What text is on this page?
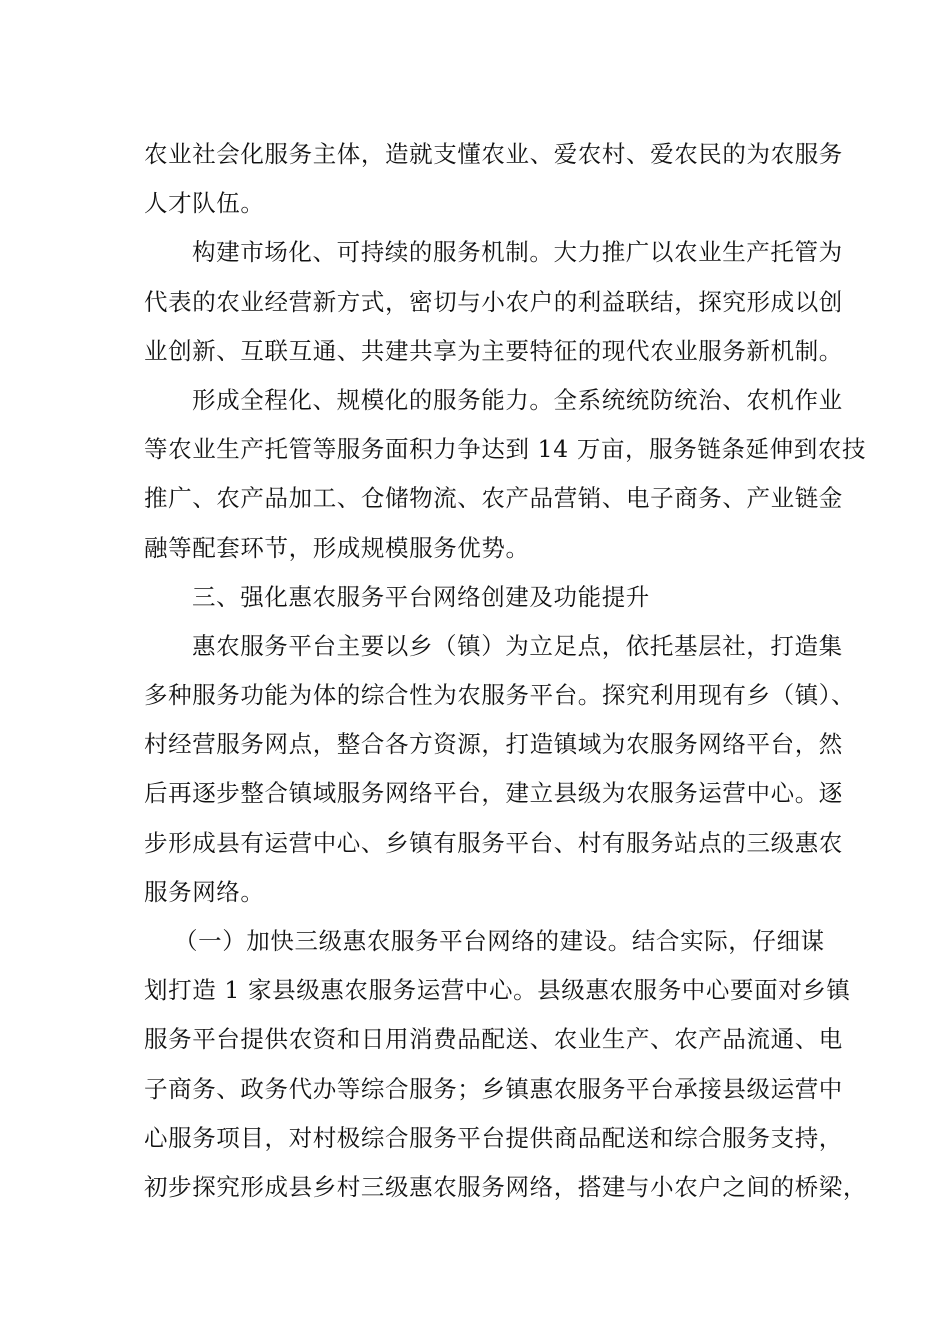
农业社会化服务主体，造就支懂农业、爱农村、爱农民的为农服务
人才队伍。
构建市场化、可持续的服务机制。大力推广以农业生产托管为
代表的农业经营新方式，密切与小农户的利益联结，探究形成以创
业创新、互联互通、共建共享为主要特征的现代农业服务新机制。
形成全程化、规模化的服务能力。全系统统防统治、农机作业
等农业生产托管等服务面积力争达到 14 万亩，服务链条延伸到农技
推广、农产品加工、仓储物流、农产品营销、电子商务、产业链金
融等配套环节，形成规模服务优势。
三、强化惠农服务平台网络创建及功能提升
惠农服务平台主要以乡（镇）为立足点，依托基层社，打造集
多种服务功能为体的综合性为农服务平台。探究利用现有乡（镇）、
村经营服务网点，整合各方资源，打造镇域为农服务网络平台，然
后再逐步整合镇域服务网络平台，建立县级为农服务运营中心。逐
步形成县有运营中心、乡镇有服务平台、村有服务站点的三级惠农
服务网络。
（一）加快三级惠农服务平台网络的建设。结合实际，仔细谋
划打造 1 家县级惠农服务运营中心。县级惠农服务中心要面对乡镇
服务平台提供农资和日用消费品配送、农业生产、农产品流通、电
子商务、政务代办等综合服务；乡镇惠农服务平台承接县级运营中
心服务项目，对村极综合服务平台提供商品配送和综合服务支持，
初步探究形成县乡村三级惠农服务网络，搭建与小农户之间的桥梁，
